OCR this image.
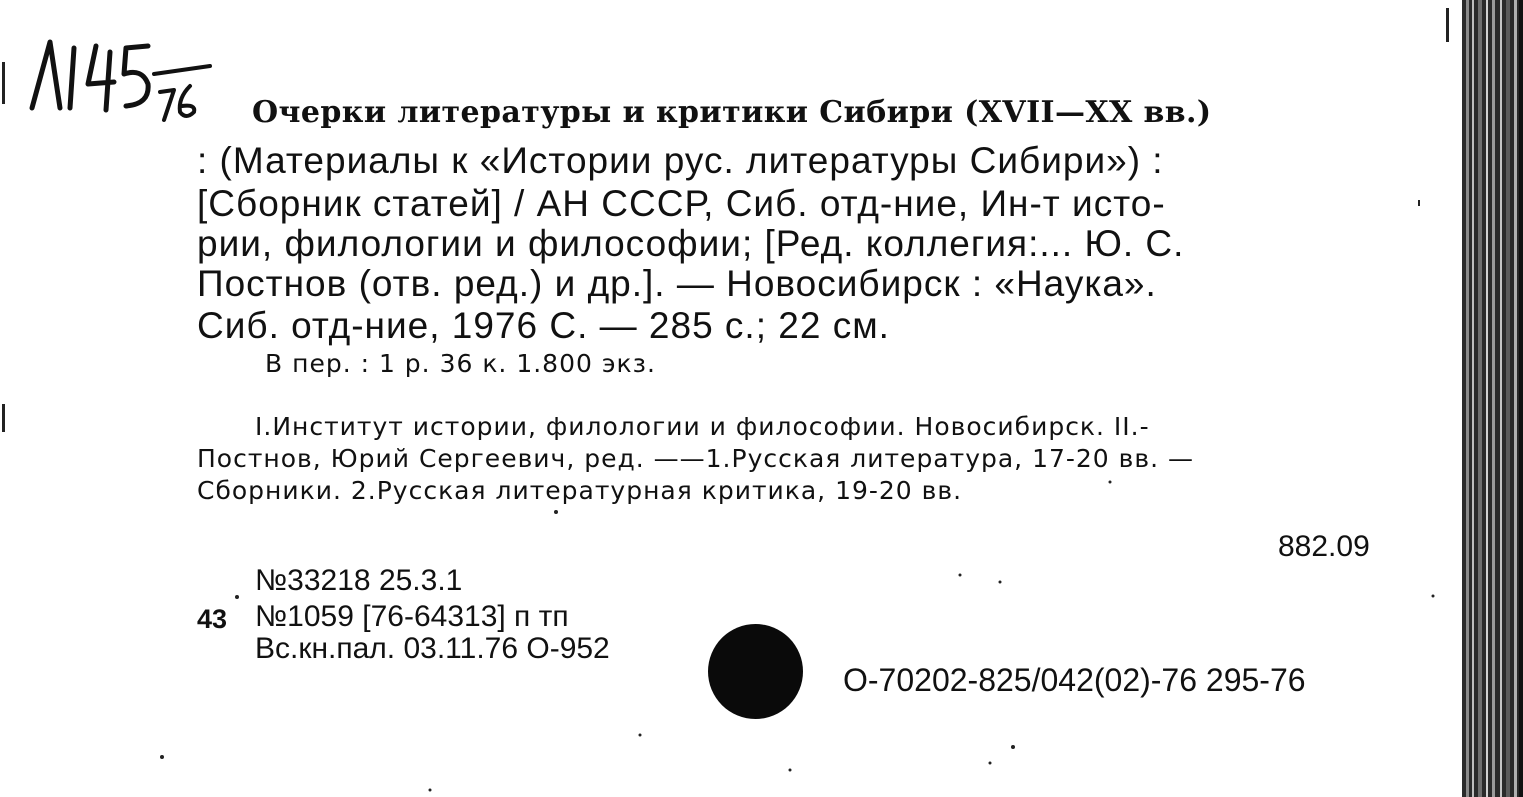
Очерки литературы и критики Сибири (XVII—XX вв.)
: (Материалы к «Истории рус. литературы Сибири») :
[Сборник статей] / АН СССР, Сиб. отд-ние, Ин-т исто-
рии, филологии и философии; [Ред. коллегия:... Ю. С.
Постнов (отв. ред.) и др.]. — Новосибирск : «Наука».
Сиб. отд-ние, 1976 С. — 285 с.; 22 см.
В пер. : 1 р. 36 к. 1.800 экз.
I.Институт истории, филологии и философии. Новосибирск. II.-
Постнов, Юрий Сергеевич, ред. ——1.Русская литература, 17-20 вв. —
Сборники. 2.Русская литературная критика, 19-20 вв.
882.09
№33218 25.3.1
43 №1059 [76-64313] п тп
Вс.кн.пал. 03.11.76 О-952
О-70202-825/042(02)-76 295-76
